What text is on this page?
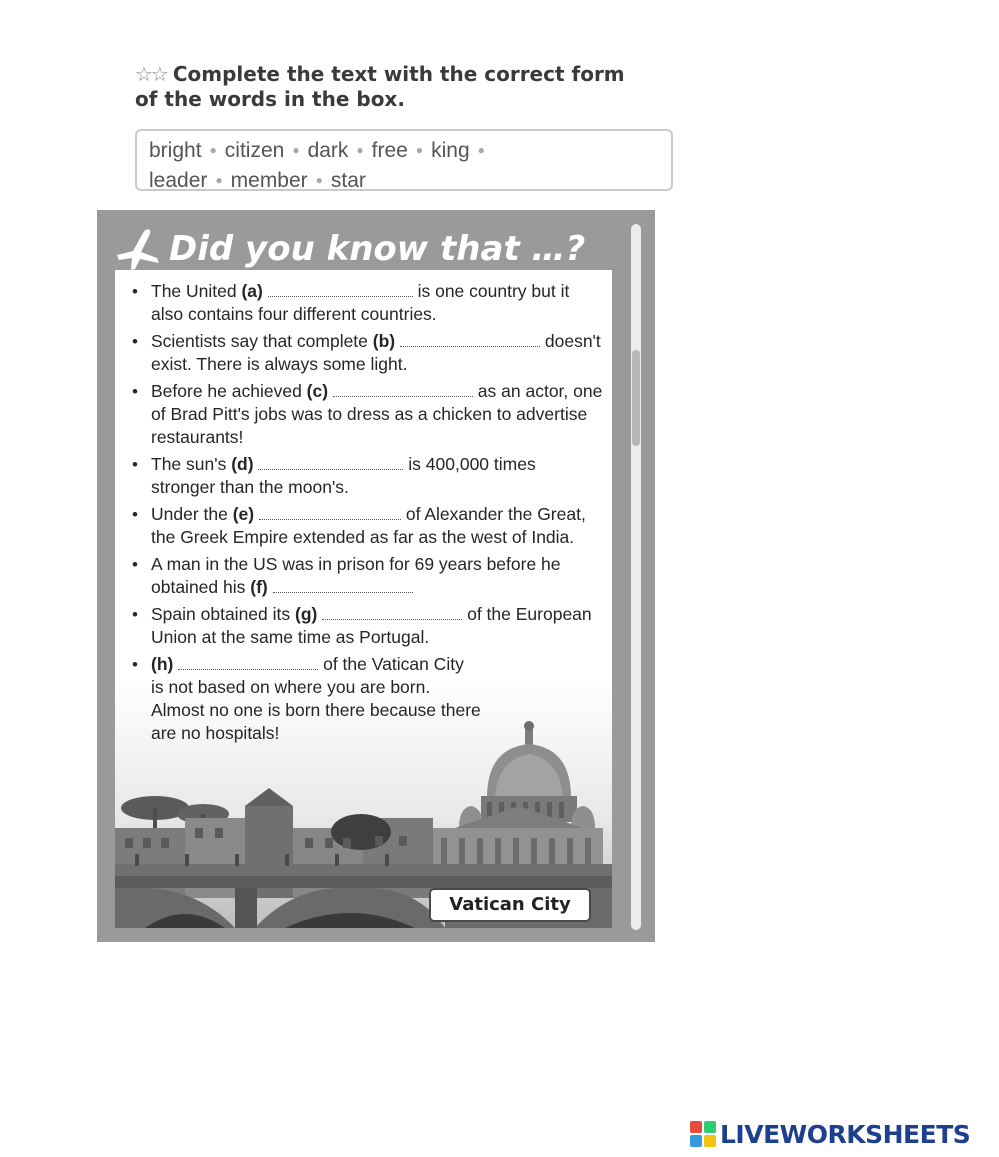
☆☆ Complete the text with the correct form
of the words in the box.
bright ● citizen ● dark ● free ● king ●
leader ● member ● star
Did you know that …?
• The United (a)	is one country but it also contains four different countries.
• Scientists say that complete (b)	doesn't exist. There is always some light.
• Before he achieved (c)	as an actor, one of Brad Pitt's jobs was to dress as a chicken to advertise restaurants!
• The sun's (d)	is 400,000 times stronger than the moon's.
• Under the (e)	of Alexander the Great, the Greek Empire extended as far as the west of India.
• A man in the US was in prison for 69 years before he obtained his (f)
• Spain obtained its (g)	of the European Union at the same time as Portugal.
• (h)	of the Vatican City is not based on where you are born. Almost no one is born there because there are no hospitals!
Vatican City
LIVEWORKSHEETS
